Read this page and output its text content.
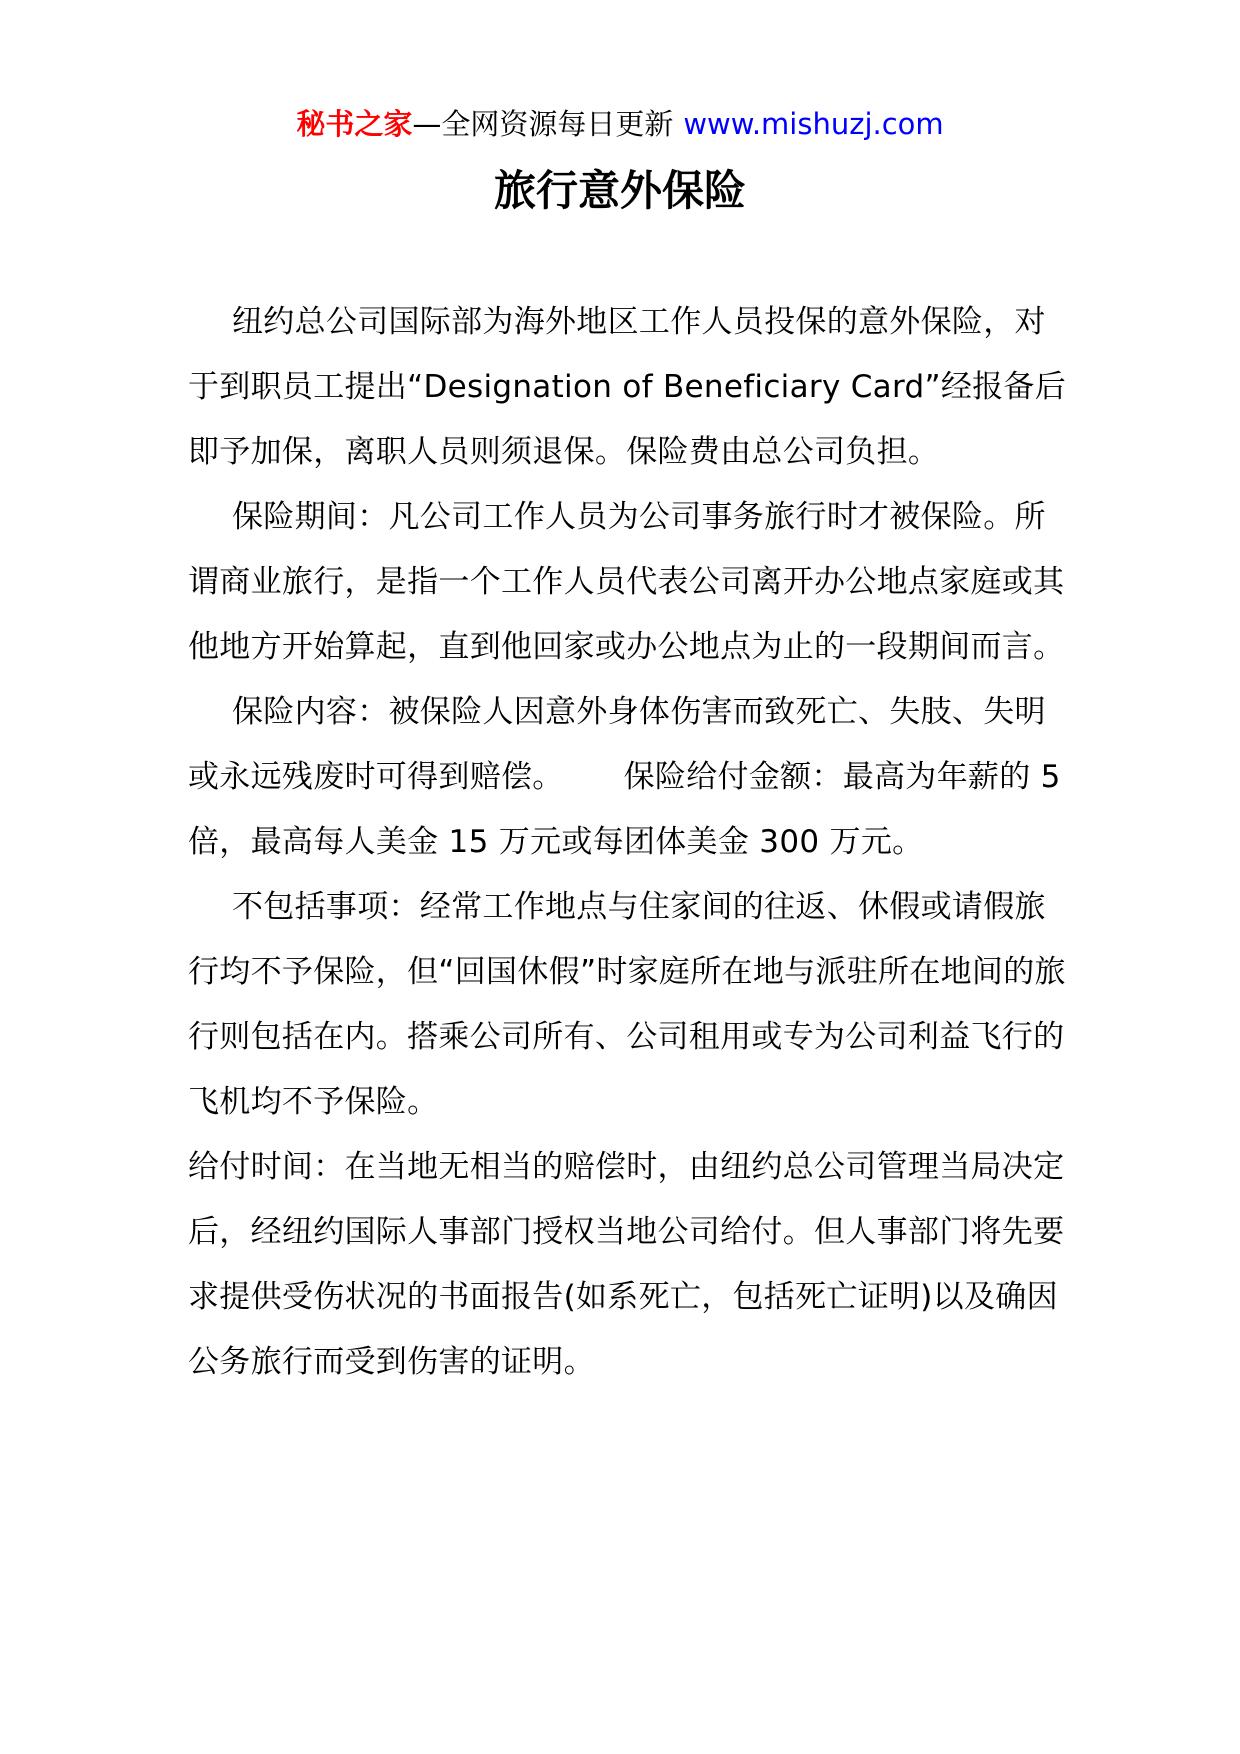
秘书之家—全网资源每日更新 www.mishuzj.com
旅行意外保险

纽约总公司国际部为海外地区工作人员投保的意外保险，对于到职员工提出“Designation of Beneficiary Card”经报备后即予加保，离职人员则须退保。保险费由总公司负担。

保险期间：凡公司工作人员为公司事务旅行时才被保险。所谓商业旅行，是指一个工作人员代表公司离开办公地点家庭或其他地方开始算起，直到他回家或办公地点为止的一段期间而言。

保险内容：被保险人因意外身体伤害而致死亡、失肢、失明或永远残废时可得到赔偿。 保险给付金额：最高为年薪的 5 倍，最高每人美金 15 万元或每团体美金 300 万元。

不包括事项：经常工作地点与住家间的往返、休假或请假旅行均不予保险，但“回国休假”时家庭所在地与派驻所在地间的旅行则包括在内。搭乘公司所有、公司租用或专为公司利益飞行的飞机均不予保险。

给付时间：在当地无相当的赔偿时，由纽约总公司管理当局决定后，经纽约国际人事部门授权当地公司给付。但人事部门将先要求提供受伤状况的书面报告(如系死亡，包括死亡证明)以及确因公务旅行而受到伤害的证明。
